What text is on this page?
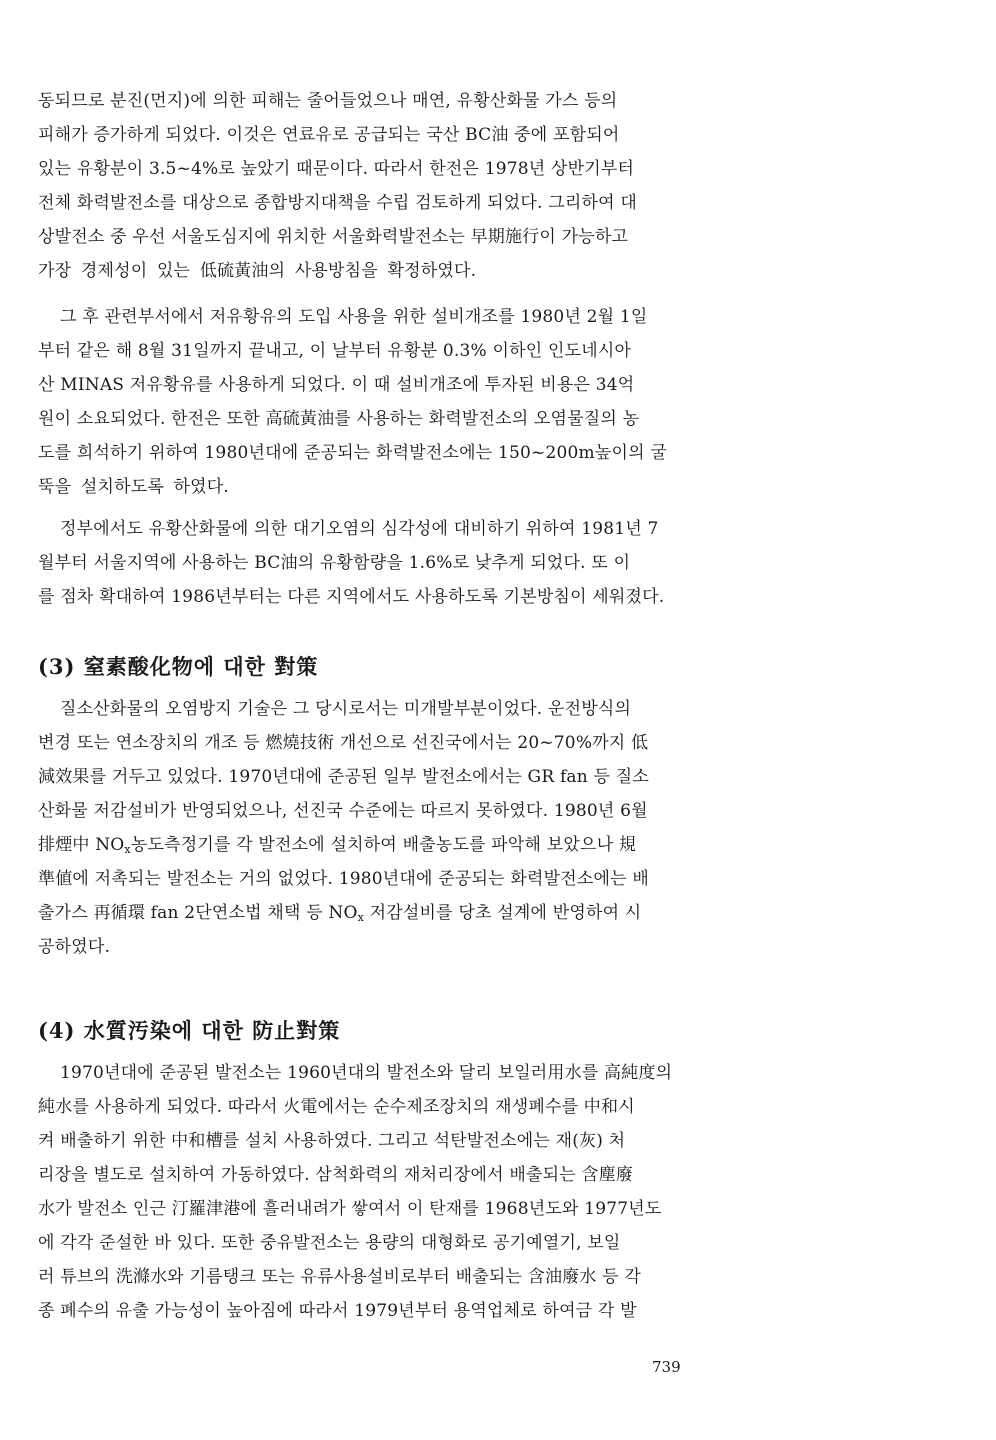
동되므로 분진(먼지)에 의한 피해는 줄어들었으나 매연, 유황산화물 가스 등의
피해가 증가하게 되었다. 이것은 연료유로 공급되는 국산 BC油 중에 포함되어
있는 유황분이 3.5~4%로 높았기 때문이다. 따라서 한전은 1978년 상반기부터
전체 화력발전소를 대상으로 종합방지대책을 수립 검토하게 되었다. 그리하여 대
상발전소 중 우선 서울도심지에 위치한 서울화력발전소는 早期施行이 가능하고
가장 경제성이 있는 低硫黃油의 사용방침을 확정하였다.
그 후 관련부서에서 저유황유의 도입 사용을 위한 설비개조를 1980년 2월 1일
부터 같은 해 8월 31일까지 끝내고, 이 날부터 유황분 0.3% 이하인 인도네시아
산 MINAS 저유황유를 사용하게 되었다. 이 때 설비개조에 투자된 비용은 34억
원이 소요되었다. 한전은 또한 高硫黃油를 사용하는 화력발전소의 오염물질의 농
도를 희석하기 위하여 1980년대에 준공되는 화력발전소에는 150~200m높이의 굴
뚝을 설치하도록 하였다.
정부에서도 유황산화물에 의한 대기오염의 심각성에 대비하기 위하여 1981년 7
월부터 서울지역에 사용하는 BC油의 유황함량을 1.6%로 낮추게 되었다. 또 이
를 점차 확대하여 1986년부터는 다른 지역에서도 사용하도록 기본방침이 세워졌다.
(3) 窒素酸化物에 대한 對策
질소산화물의 오염방지 기술은 그 당시로서는 미개발부분이었다. 운전방식의
변경 또는 연소장치의 개조 등 燃燒技術 개선으로 선진국에서는 20~70%까지 低
減效果를 거두고 있었다. 1970년대에 준공된 일부 발전소에서는 GR fan 등 질소
산화물 저감설비가 반영되었으나, 선진국 수준에는 따르지 못하였다. 1980년 6월
排煙中 $NO_x$농도측정기를 각 발전소에 설치하여 배출농도를 파악해 보았으나 規
準値에 저촉되는 발전소는 거의 없었다. 1980년대에 준공되는 화력발전소에는 배
출가스 再循環 fan 2단연소법 채택 등 $NO_x$ 저감설비를 당초 설계에 반영하여 시
공하였다.
(4) 水質汚染에 대한 防止對策
1970년대에 준공된 발전소는 1960년대의 발전소와 달리 보일러用水를 高純度의
純水를 사용하게 되었다. 따라서 火電에서는 순수제조장치의 재생폐수를 中和시
켜 배출하기 위한 中和槽를 설치 사용하였다. 그리고 석탄발전소에는 재(灰) 처
리장을 별도로 설치하여 가동하였다. 삼척화력의 재처리장에서 배출되는 含塵廢
水가 발전소 인근 汀羅津港에 흘러내려가 쌓여서 이 탄재를 1968년도와 1977년도
에 각각 준설한 바 있다. 또한 중유발전소는 용량의 대형화로 공기예열기, 보일
러 튜브의 洗滌水와 기름탱크 또는 유류사용설비로부터 배출되는 含油廢水 등 각
종 폐수의 유출 가능성이 높아짐에 따라서 1979년부터 용역업체로 하여금 각 발
739
